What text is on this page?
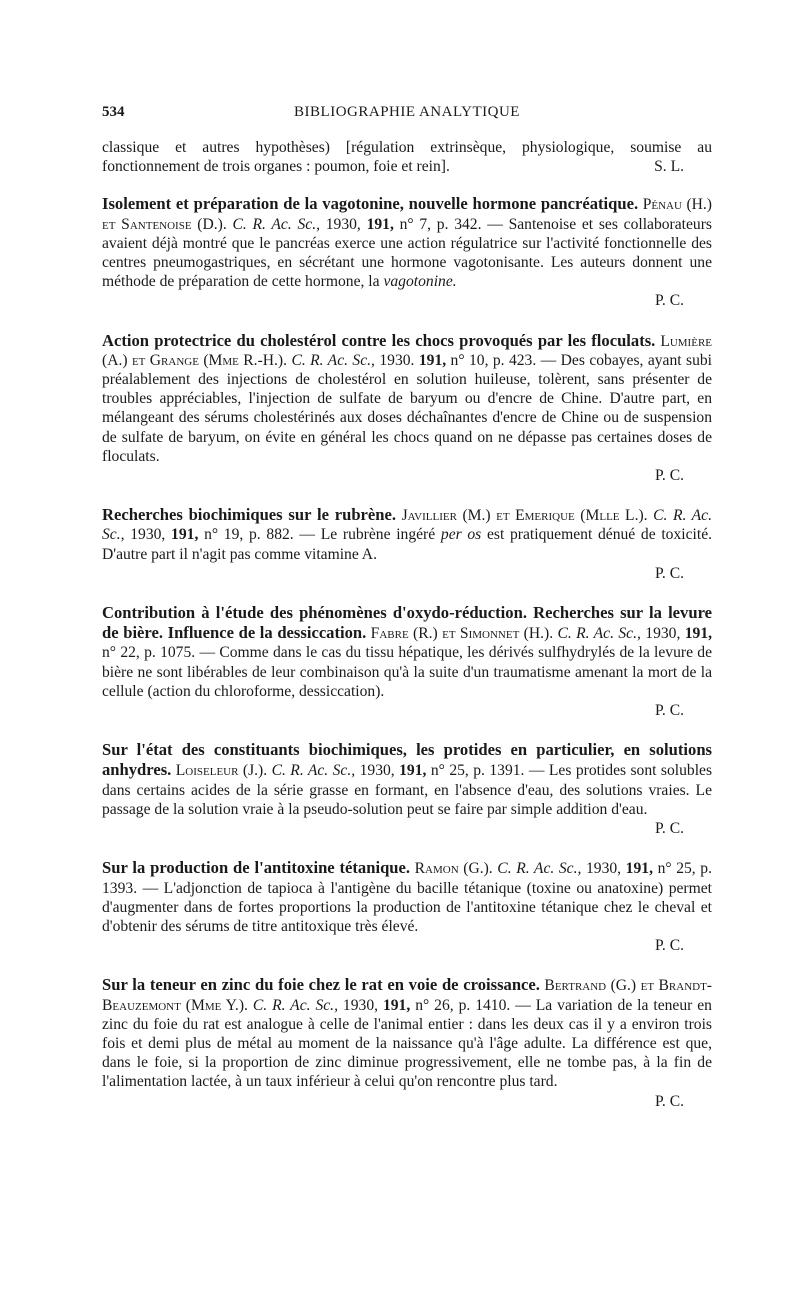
534	BIBLIOGRAPHIE ANALYTIQUE
classique et autres hypothèses) [régulation extrinsèque, physiologique, soumise au fonctionnement de trois organes : poumon, foie et rein].	S. L.
Isolement et préparation de la vagotonine, nouvelle hormone pancréatique. Pénau (H.) et Santenoise (D.). C. R. Ac. Sc., 1930, 191, n° 7, p. 342. — Santenoise et ses collaborateurs avaient déjà montré que le pancréas exerce une action régulatrice sur l'activité fonctionnelle des centres pneumogastriques, en sécrétant une hormone vagotonisante. Les auteurs donnent une méthode de préparation de cette hormone, la vagotonine.
P. C.
Action protectrice du cholestérol contre les chocs provoqués par les floculats. Lumière (A.) et Grange (Mme R.-H.). C. R. Ac. Sc., 1930. 191, n° 10, p. 423. — Des cobayes, ayant subi préalablement des injections de cholestérol en solution huileuse, tolèrent, sans présenter de troubles appréciables, l'injection de sulfate de baryum ou d'encre de Chine. D'autre part, en mélangeant des sérums cholestérinés aux doses déchaînantes d'encre de Chine ou de suspension de sulfate de baryum, on évite en général les chocs quand on ne dépasse pas certaines doses de floculats.
P. C.
Recherches biochimiques sur le rubrène. Javillier (M.) et Emerique (Mlle L.). C. R. Ac. Sc., 1930, 191, n° 19, p. 882. — Le rubrène ingéré per os est pratiquement dénué de toxicité. D'autre part il n'agit pas comme vitamine A.
P. C.
Contribution à l'étude des phénomènes d'oxydo-réduction. Recherches sur la levure de bière. Influence de la dessiccation. Fabre (R.) et Simonnet (H.). C. R. Ac. Sc., 1930, 191, n° 22, p. 1075. — Comme dans le cas du tissu hépatique, les dérivés sulfhydrylés de la levure de bière ne sont libérables de leur combinaison qu'à la suite d'un traumatisme amenant la mort de la cellule (action du chloroforme, dessiccation).
P. C.
Sur l'état des constituants biochimiques, les protides en particulier, en solutions anhydres. Loiseleur (J.). C. R. Ac. Sc., 1930, 191, n° 25, p. 1391. — Les protides sont solubles dans certains acides de la série grasse en formant, en l'absence d'eau, des solutions vraies. Le passage de la solution vraie à la pseudo-solution peut se faire par simple addition d'eau.
P. C.
Sur la production de l'antitoxine tétanique. Ramon (G.). C. R. Ac. Sc., 1930, 191, n° 25, p. 1393. — L'adjonction de tapioca à l'antigène du bacille tétanique (toxine ou anatoxine) permet d'augmenter dans de fortes proportions la production de l'antitoxine tétanique chez le cheval et d'obtenir des sérums de titre antitoxique très élevé.
P. C.
Sur la teneur en zinc du foie chez le rat en voie de croissance. Bertrand (G.) et Brandt-Beauzemont (Mme Y.). C. R. Ac. Sc., 1930, 191, n° 26, p. 1410. — La variation de la teneur en zinc du foie du rat est analogue à celle de l'animal entier : dans les deux cas il y a environ trois fois et demi plus de métal au moment de la naissance qu'à l'âge adulte. La différence est que, dans le foie, si la proportion de zinc diminue progressivement, elle ne tombe pas, à la fin de l'alimentation lactée, à un taux inférieur à celui qu'on rencontre plus tard.
P. C.
